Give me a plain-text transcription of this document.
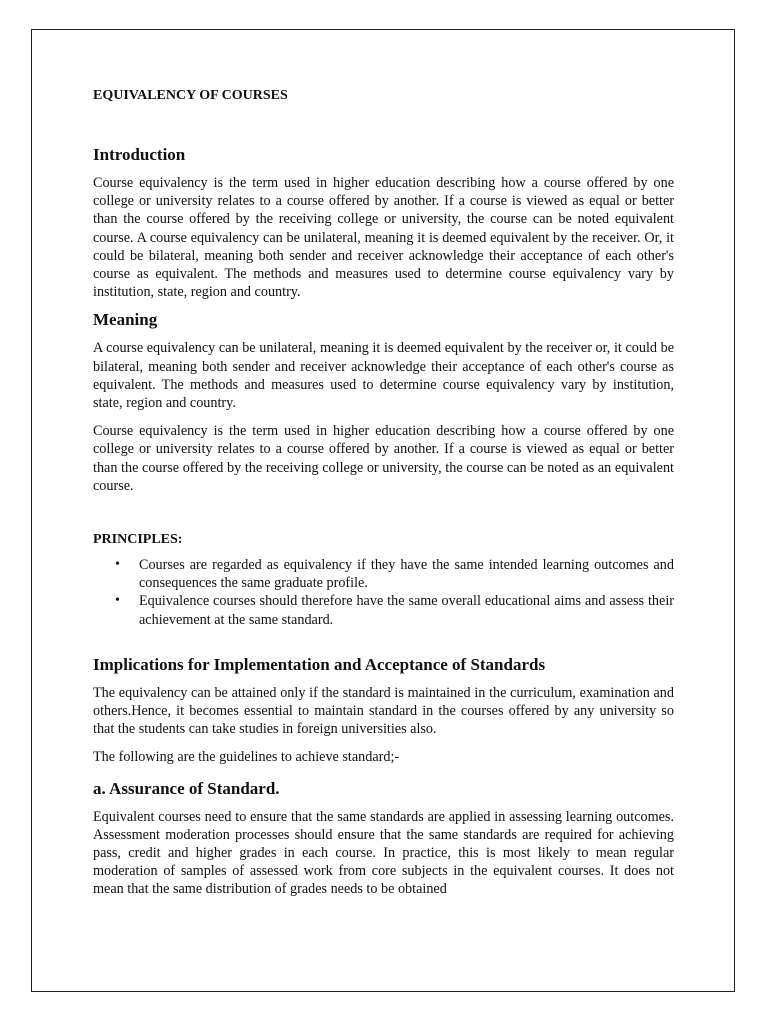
EQUIVALENCY OF COURSES
Introduction

Course equivalency is the term used in higher education describing how a course offered by one college or university relates to a course offered by another. If a course is viewed as equal or better than the course offered by the receiving college or university, the course can be noted equivalent course. A course equivalency can be unilateral, meaning it is deemed equivalent by the receiver. Or, it could be bilateral, meaning both sender and receiver acknowledge their acceptance of each other's course as equivalent. The methods and measures used to determine course equivalency vary by institution, state, region and country.

Meaning

A course equivalency can be unilateral, meaning it is deemed equivalent by the receiver or, it could be bilateral, meaning both sender and receiver acknowledge their acceptance of each other's course as equivalent. The methods and measures used to determine course equivalency vary by institution, state, region and country.

Course equivalency is the term used in higher education describing how a course offered by one college or university relates to a course offered by another. If a course is viewed as equal or better than the course offered by the receiving college or university, the course can be noted as an equivalent course.

PRINCIPLES:
• Courses are regarded as equivalency if they have the same intended learning outcomes and consequences the same graduate profile.
• Equivalence courses should therefore have the same overall educational aims and assess their achievement at the same standard.
Implications for Implementation and Acceptance of Standards

The equivalency can be attained only if the standard is maintained in the curriculum, examination and others.Hence, it becomes essential to maintain standard in the courses offered by any university so that the students can take studies in foreign universities also.

The following are the guidelines to achieve standard;-

a. Assurance of Standard.

Equivalent courses need to ensure that the same standards are applied in assessing learning outcomes. Assessment moderation processes should ensure that the same standards are required for achieving pass, credit and higher grades in each course. In practice, this is most likely to mean regular moderation of samples of assessed work from core subjects in the equivalent courses. It does not mean that the same distribution of grades needs to be obtained
